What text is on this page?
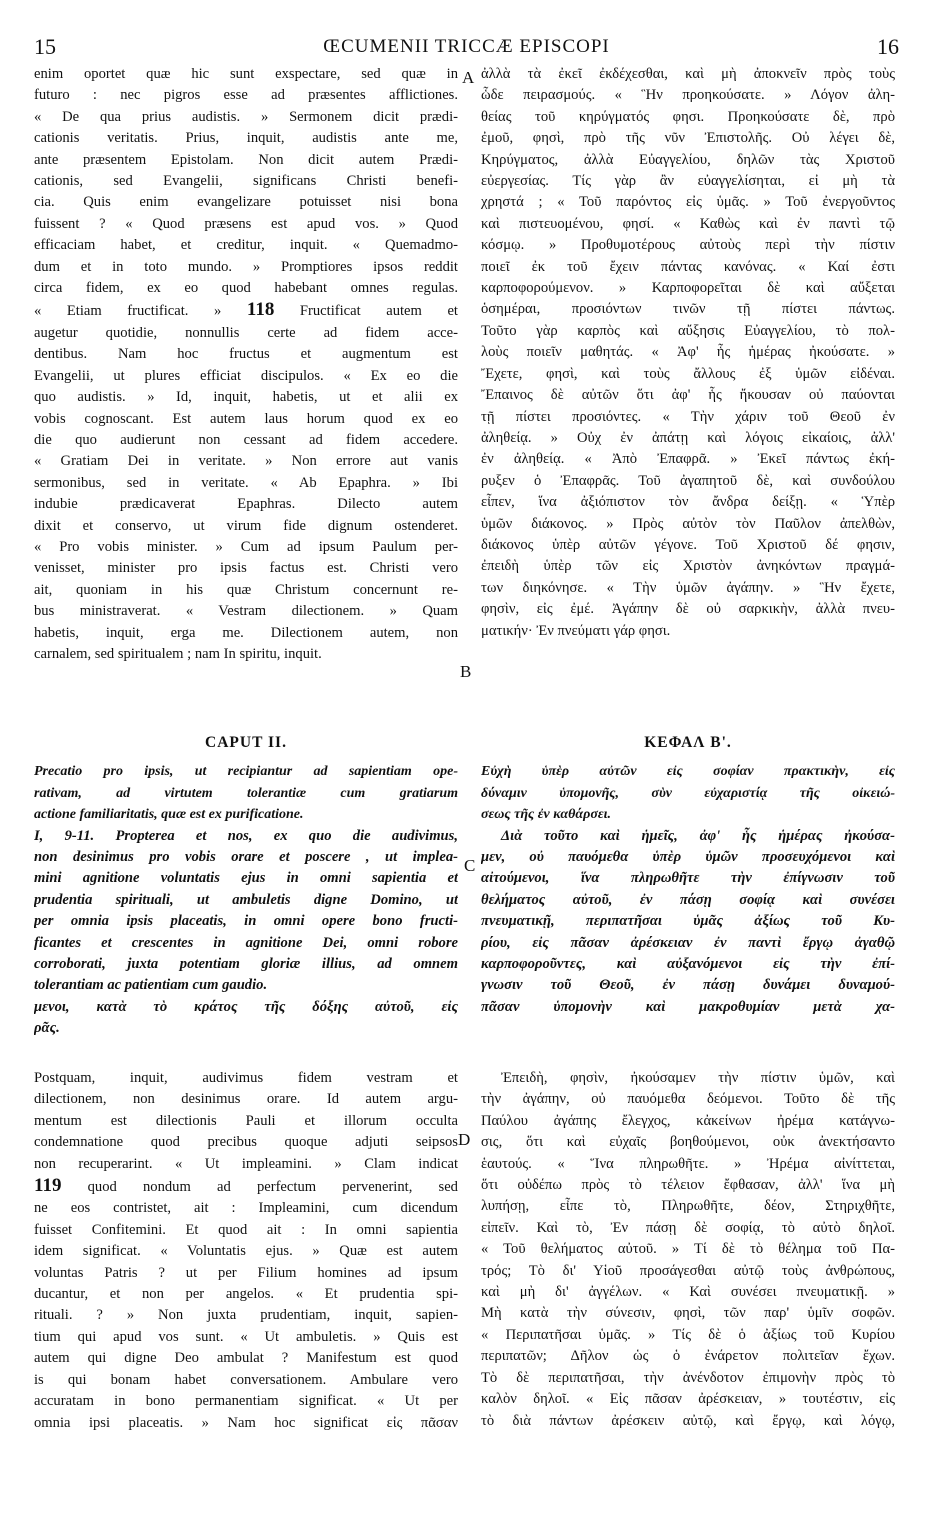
15	ŒCUMENII TRICCÆ EPISCOPI	16
A
B
C
D
enim oportet quæ hic sunt exspectare, sed quæ in
futuro : nec pigros esse ad præsentes afflictiones.
« De qua prius audistis. » Sermonem dicit prædi-
cationis veritatis. Prius, inquit, audistis ante me,
ante præsentem Epistolam. Non dicit autem Prædi-
cationis, sed Evangelii, significans Christi benefi-
cia. Quis enim evangelizare potuisset nisi bona
fuissent ? « Quod præsens est apud vos. » Quod
efficaciam habet, et creditur, inquit. « Quemadmo-
dum et in toto mundo. » Promptiores ipsos reddit
circa fidem, ex eo quod habebant omnes regulas.
« Etiam fructificat. » 118 Fructificat autem et
augetur quotidie, nonnullis certe ad fidem acce-
dentibus. Nam hoc fructus et augmentum est
Evangelii, ut plures efficiat discipulos. « Ex eo die
quo audistis. » Id, inquit, habetis, ut et alii ex
vobis cognoscant. Est autem laus horum quod ex eo
die quo audierunt non cessant ad fidem accedere.
« Gratiam Dei in veritate. » Non errore aut vanis
sermonibus, sed in veritate. « Ab Epaphra. » Ibi
indubie prædicaverat Epaphras. Dilecto autem
dixit et conservo, ut virum fide dignum ostenderet.
« Pro vobis minister. » Cum ad ipsum Paulum per-
venisset, minister pro ipsis factus est. Christi vero
ait, quoniam in his quæ Christum concernunt re-
bus ministraverat. « Vestram dilectionem. » Quam
habetis, inquit, erga me. Dilectionem autem, non
carnalem, sed spiritualem ; nam In spiritu, inquit.
CAPUT II.
Precatio pro ipsis, ut recipiantur ad sapientiam ope-
rativam, ad virtutem tolerantiæ cum gratiarum
actione familiaritatis, quæ est ex purificatione.
I, 9-11. Propterea et nos, ex quo die audivimus,
non desinimus pro vobis orare et poscere , ut implea-
mini agnitione voluntatis ejus in omni sapientia et
prudentia spirituali, ut ambuletis digne Domino, ut
per omnia ipsis placeatis, in omni opere bono fructi-
ficantes et crescentes in agnitione Dei, omni robore
corroborati, juxta potentiam gloriæ illius, ad omnem
tolerantiam ac patientiam cum gaudio.
μενοι, κατὰ τὸ κράτος τῆς δόξης αὐτοῦ, εἰς
ρᾶς.
Postquam, inquit, audivimus fidem vestram et
dilectionem, non desinimus orare. Id autem argu-
mentum est dilectionis Pauli et illorum occulta
condemnatione quod precibus quoque adjuti seipsos
non recuperarint. « Ut impleamini. » Clam indicat
119 quod nondum ad perfectum pervenerint, sed
ne eos contristet, ait : Impleamini, cum dicendum
fuisset Confitemini. Et quod ait : In omni sapientia
idem significat. « Voluntatis ejus. » Quæ est autem
voluntas Patris ? ut per Filium homines ad ipsum
ducantur, et non per angelos. « Et prudentia spi-
rituali. ? » Non juxta prudentiam, inquit, sapien-
tium qui apud vos sunt. « Ut ambuletis. » Quis est
autem qui digne Deo ambulat ? Manifestum est quod
is qui bonam habet conversationem. Ambulare vero
accuratam in bono permanentiam significat. « Ut per
omnia ipsi placeatis. » Nam hoc significat εἰς πᾶσαν
ἀλλὰ τὰ ἐκεῖ ἐκδέχεσθαι, καὶ μὴ ἀποκνεῖν πρὸς τοὺς
ὧδε πειρασμούς. « Ἣν προηκούσατε. » Λόγον ἀλη-
θείας τοῦ κηρύγματός φησι. Προηκούσατε δὲ, πρὸ
ἐμοῦ, φησὶ, πρὸ τῆς νῦν Ἐπιστολῆς. Οὐ λέγει δὲ,
Κηρύγματος, ἀλλὰ Εὐαγγελίου, δηλῶν τὰς Χριστοῦ
εὐεργεσίας. Τίς γὰρ ἂν εὐαγγελίσηται, εἰ μὴ τὰ
χρηστά ; « Τοῦ παρόντος εἰς ὑμᾶς. » Τοῦ ἐνεργοῦντος
καὶ πιστευομένου, φησί. « Καθὼς καὶ ἐν παντὶ τῷ
κόσμῳ. » Προθυμοτέρους αὐτοὺς περὶ τὴν πίστιν
ποιεῖ ἐκ τοῦ ἔχειν πάντας κανόνας. « Καί ἐστι
καρποφορούμενον. » Καρποφορεῖται δὲ καὶ αὔξεται
ὁσημέραι, προσιόντων τινῶν τῇ πίστει πάντως.
Τοῦτο γὰρ καρπὸς καὶ αὔξησις Εὐαγγελίου, τὸ πολ-
λοὺς ποιεῖν μαθητάς. « Ἀφ' ἧς ἡμέρας ἠκούσατε. »
Ἔχετε, φησὶ, καὶ τοὺς ἄλλους ἐξ ὑμῶν εἰδέναι.
Ἔπαινος δὲ αὐτῶν ὅτι ἀφ' ἧς ἤκουσαν οὐ παύονται
τῇ πίστει προσιόντες. « Τὴν χάριν τοῦ Θεοῦ ἐν
ἀληθείᾳ. » Οὐχ ἐν ἀπάτῃ καὶ λόγοις εἰκαίοις, ἀλλ'
ἐν ἀληθείᾳ. « Ἀπὸ Ἐπαφρᾶ. » Ἐκεῖ πάντως ἐκή-
ρυξεν ὁ Ἐπαφρᾶς. Τοῦ ἀγαπητοῦ δὲ, καὶ συνδούλου
εἶπεν, ἵνα ἀξιόπιστον τὸν ἄνδρα δείξῃ. « Ὑπὲρ
ὑμῶν διάκονος. » Πρὸς αὐτὸν τὸν Παῦλον ἀπελθὼν,
διάκονος ὑπὲρ αὐτῶν γέγονε. Τοῦ Χριστοῦ δέ φησιν,
ἐπειδὴ ὑπὲρ τῶν εἰς Χριστὸν ἀνηκόντων πραγμά-
των διηκόνησε. « Τὴν ὑμῶν ἀγάπην. » Ἣν ἔχετε,
φησὶν, εἰς ἐμέ. Ἀγάπην δὲ οὐ σαρκικὴν, ἀλλὰ πνευ-
ματικήν· Ἐν πνεύματι γάρ φησι.
ΚΕΦΑΛ Β'.
Εὐχὴ ὑπὲρ αὐτῶν εἰς σοφίαν πρακτικὴν, εἰς
δύναμιν ὑπομονῆς, σὺν εὐχαριστίᾳ τῆς οἰκειώ-
σεως τῆς ἐν καθάρσει.
Διὰ τοῦτο καὶ ἡμεῖς, ἀφ' ἧς ἡμέρας ἠκούσα-
μεν, οὐ παυόμεθα ὑπὲρ ὑμῶν προσευχόμενοι καὶ
αἰτούμενοι, ἵνα πληρωθῆτε τὴν ἐπίγνωσιν τοῦ
θελήματος αὐτοῦ, ἐν πάσῃ σοφίᾳ καὶ συνέσει
πνευματικῇ, περιπατῆσαι ὑμᾶς ἀξίως τοῦ Κυ-
ρίου, εἰς πᾶσαν ἀρέσκειαν ἐν παντὶ ἔργῳ ἀγαθῷ
καρποφοροῦντες, καὶ αὐξανόμενοι εἰς τὴν ἐπί-
γνωσιν τοῦ Θεοῦ, ἐν πάσῃ δυνάμει δυναμού-
πᾶσαν ὑπομονὴν καὶ μακροθυμίαν μετὰ χα-
Ἐπειδὴ, φησὶν, ἠκούσαμεν τὴν πίστιν ὑμῶν, καὶ
τὴν ἀγάπην, οὐ παυόμεθα δεόμενοι. Τοῦτο δὲ τῆς
Παύλου ἀγάπης ἔλεγχος, κἀκείνων ἠρέμα κατάγνω-
σις, ὅτι καὶ εὐχαῖς βοηθούμενοι, οὐκ ἀνεκτήσαντο
ἑαυτούς. « Ἵνα πληρωθῆτε. » Ἠρέμα αἰνίττεται,
ὅτι οὐδέπω πρὸς τὸ τέλειον ἔφθασαν, ἀλλ' ἵνα μὴ
λυπήσῃ, εἶπε τὸ, Πληρωθῆτε, δέον, Στηριχθῆτε,
εἰπεῖν. Καὶ τὸ, Ἐν πάσῃ δὲ σοφίᾳ, τὸ αὐτὸ δηλοῖ.
« Τοῦ θελήματος αὐτοῦ. » Τί δὲ τὸ θέλημα τοῦ Πα-
τρός; Τὸ δι' Υἱοῦ προσάγεσθαι αὐτῷ τοὺς ἀνθρώπους,
καὶ μὴ δι' ἀγγέλων. « Καὶ συνέσει πνευματικῇ. »
Μὴ κατὰ τὴν σύνεσιν, φησὶ, τῶν παρ' ὑμῖν σοφῶν.
« Περιπατῆσαι ὑμᾶς. » Τίς δὲ ὁ ἀξίως τοῦ Κυρίου
περιπατῶν; Δῆλον ὡς ὁ ἐνάρετον πολιτεῖαν ἔχων.
Τὸ δὲ περιπατῆσαι, τὴν ἀνένδοτον ἐπιμονὴν πρὸς τὸ
καλὸν δηλοῖ. « Εἰς πᾶσαν ἀρέσκειαν, » τουτέστιν, εἰς
τὸ διὰ πάντων ἀρέσκειν αὐτῷ, καὶ ἔργῳ, καὶ λόγῳ,
